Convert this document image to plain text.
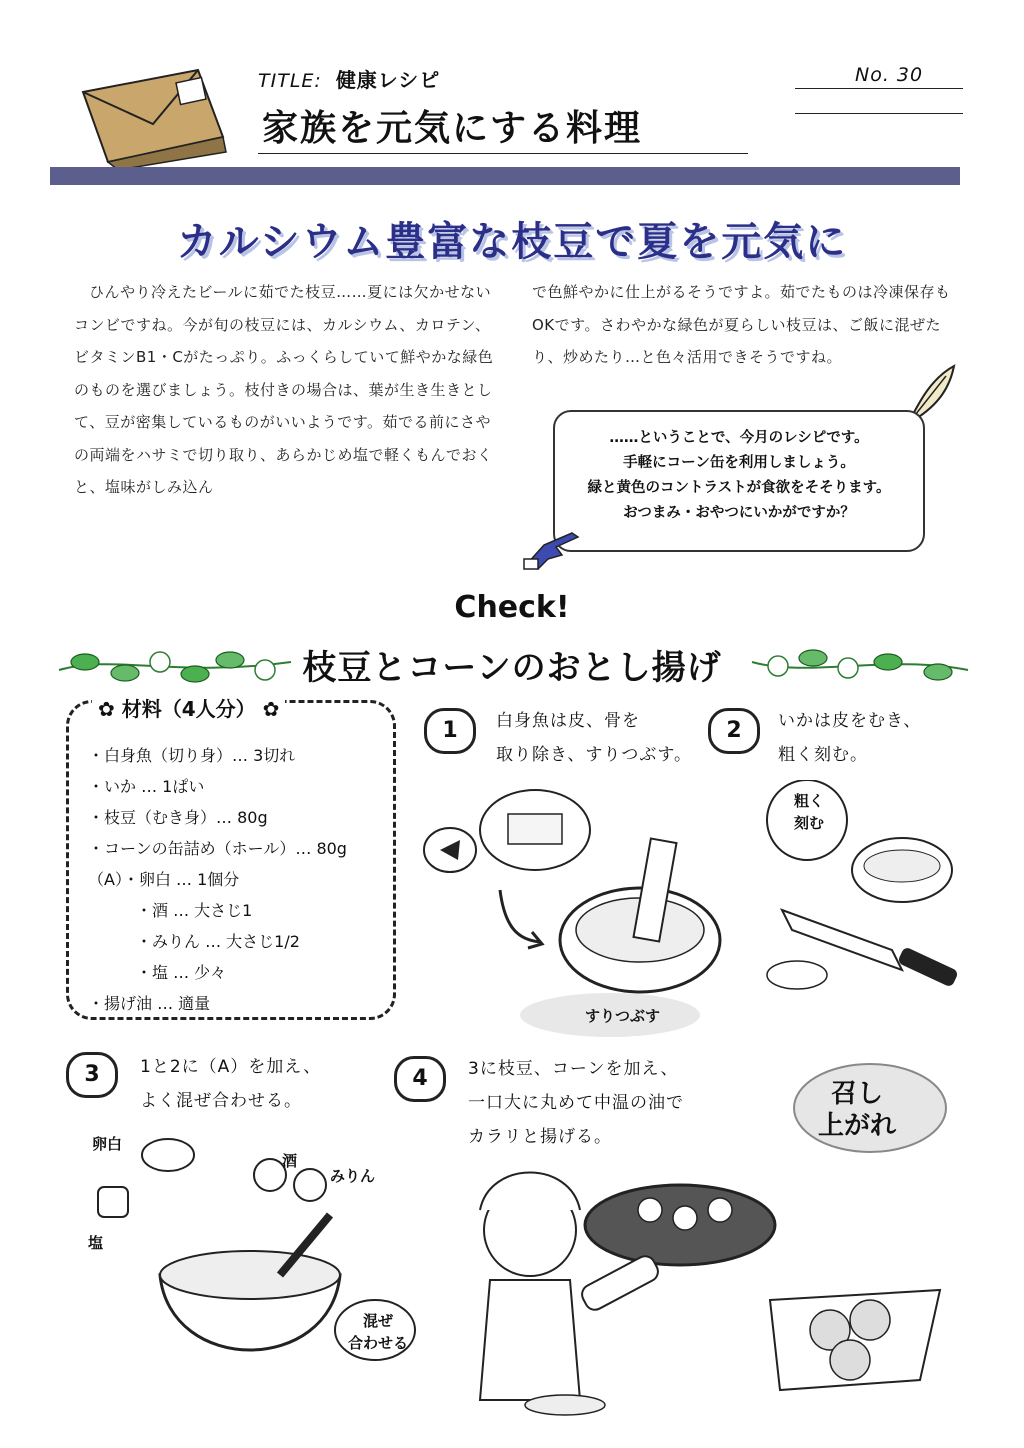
TITLE: 健康レシピ
家族を元気にする料理
No. 30
カルシウム豊富な枝豆で夏を元気に
ひんやり冷えたビールに茹でた枝豆……夏には欠かせないコンビですね。今が旬の枝豆には、カルシウム、カロテン、ビタミンB1・Cがたっぷり。ふっくらしていて鮮やかな緑色のものを選びましょう。枝付きの場合は、葉が生き生きとして、豆が密集しているものがいいようです。茹でる前にさやの両端をハサミで切り取り、あらかじめ塩で軽くもんでおくと、塩味がしみ込ん
で色鮮やかに仕上がるそうですよ。茹でたものは冷凍保存もOKです。さわやかな緑色が夏らしい枝豆は、ご飯に混ぜたり、炒めたり…と色々活用できそうですね。
……ということで、今月のレシピです。
手軽にコーン缶を利用しましょう。
緑と黄色のコントラストが食欲をそそります。
おつまみ・おやつにいかがですか？
Check!
枝豆とコーンのおとし揚げ
✿ 材料（4人分） ✿
・白身魚（切り身）… 3切れ
・いか … 1ぱい
・枝豆（むき身）… 80g
・コーンの缶詰め（ホール）… 80g
（A）・卵白 … 1個分
　　　・酒 … 大さじ1
　　　・みりん … 大さじ1/2
　　　・塩 … 少々
・揚げ油 … 適量
1	白身魚は皮、骨を
取り除き、すりつぶす。
すりつぶす
2	いかは皮をむき、
粗く刻む。
粗く
刻む
3	1と2に（A）を加え、
よく混ぜ合わせる。
卵白
酒
みりん
塩
混ぜ
合わせる
4	3に枝豆、コーンを加え、
一口大に丸めて中温の油で
カラリと揚げる。
召し
上がれ
